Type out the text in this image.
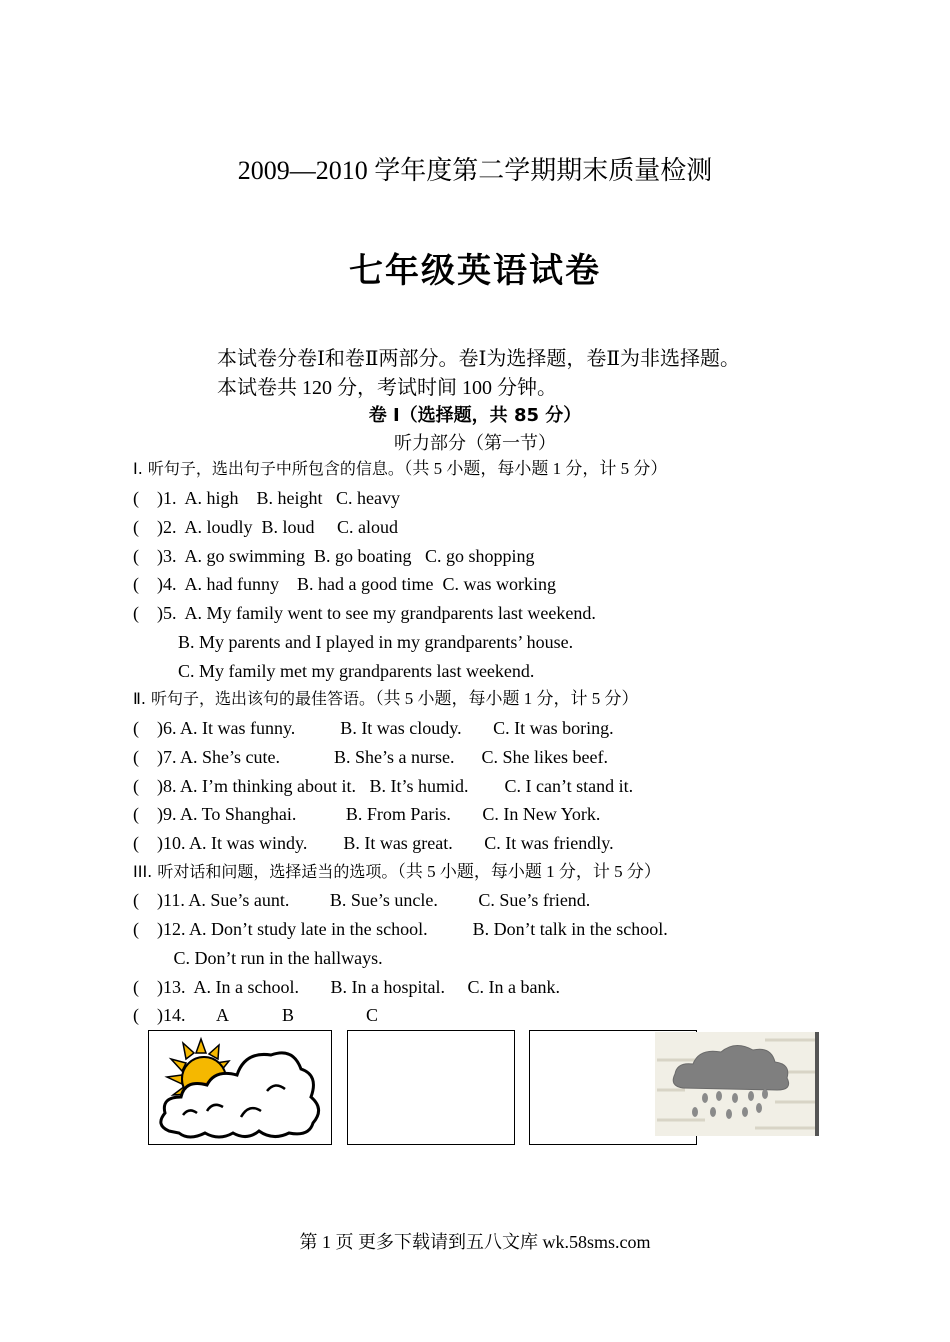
2009—2010 学年度第二学期期末质量检测
七年级英语试卷
本试卷分卷Ⅰ和卷Ⅱ两部分。卷Ⅰ为选择题，卷Ⅱ为非选择题。
本试卷共 120 分，考试时间 100 分钟。
卷 I（选择题，共 85 分）
听力部分（第一节）
Ⅰ. 听句子，选出句子中所包含的信息。（共 5 小题，每小题 1 分，计 5 分）
(    )1.  A. high    B. height   C. heavy
(    )2.  A. loudly  B. loud     C. aloud
(    )3.  A. go swimming  B. go boating   C. go shopping
(    )4.  A. had funny    B. had a good time  C. was working
(    )5.  A. My family went to see my grandparents last weekend.
B. My parents and I played in my grandparents’ house.
C. My family met my grandparents last weekend.
Ⅱ. 听句子，选出该句的最佳答语。（共 5 小题，每小题 1 分，计 5 分）
(    )6. A. It was funny.          B. It was cloudy.       C. It was boring.
(    )7. A. She’s cute.            B. She’s a nurse.      C. She likes beef.
(    )8. A. I’m thinking about it.   B. It’s humid.        C. I can’t stand it.
(    )9. A. To Shanghai.           B. From Paris.       C. In New York.
(    )10. A. It was windy.        B. It was great.       C. It was friendly.
III. 听对话和问题，选择适当的选项。（共 5 小题，每小题 1 分，计 5 分）
(    )11. A. Sue’s aunt.         B. Sue’s uncle.         C. Sue’s friend.
(    )12. A. Don’t study late in the school.          B. Don’t talk in the school.
C. Don’t run in the hallways.
(    )13.  A. In a school.       B. In a hospital.     C. In a bank.
(    )14.       A            B                C
第 1 页 更多下载请到五八文库 wk.58sms.com
